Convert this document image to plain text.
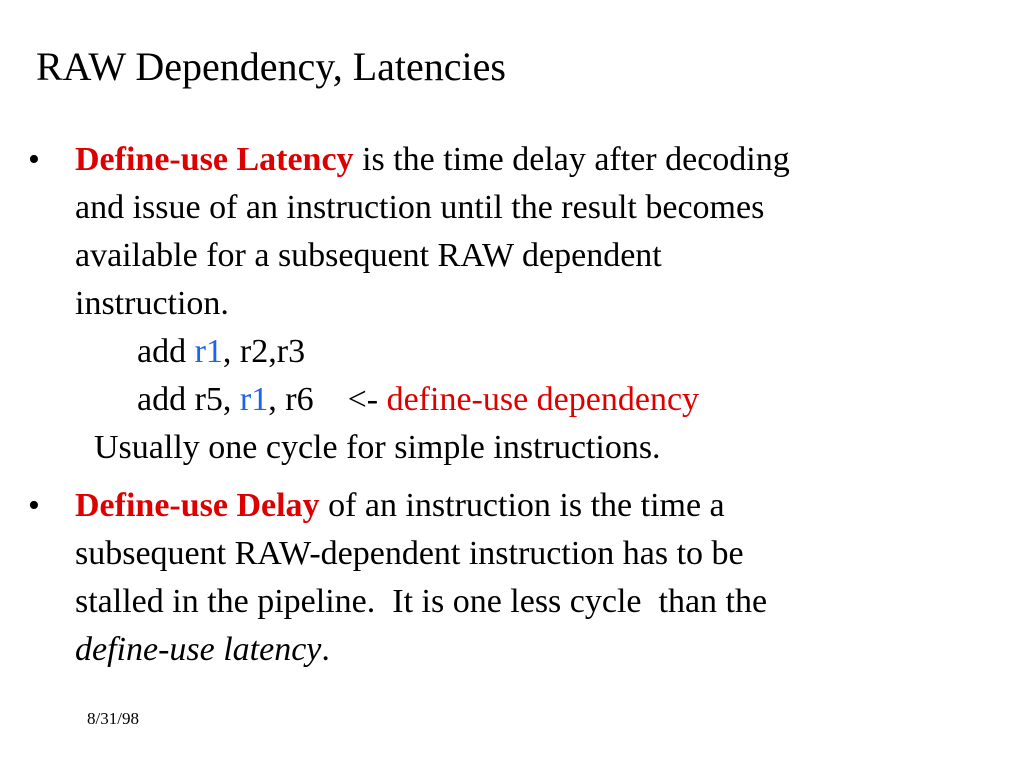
RAW Dependency, Latencies
• Define-use Latency is the time delay after decoding
and issue of an instruction until the result becomes
available for a subsequent RAW dependent
instruction.
add r1, r2,r3
add r5, r1, r6    <- define-use dependency
Usually one cycle for simple instructions.
• Define-use Delay of an instruction is the time a
subsequent RAW-dependent instruction has to be
stalled in the pipeline.  It is one less cycle  than the
define-use latency.
8/31/98
